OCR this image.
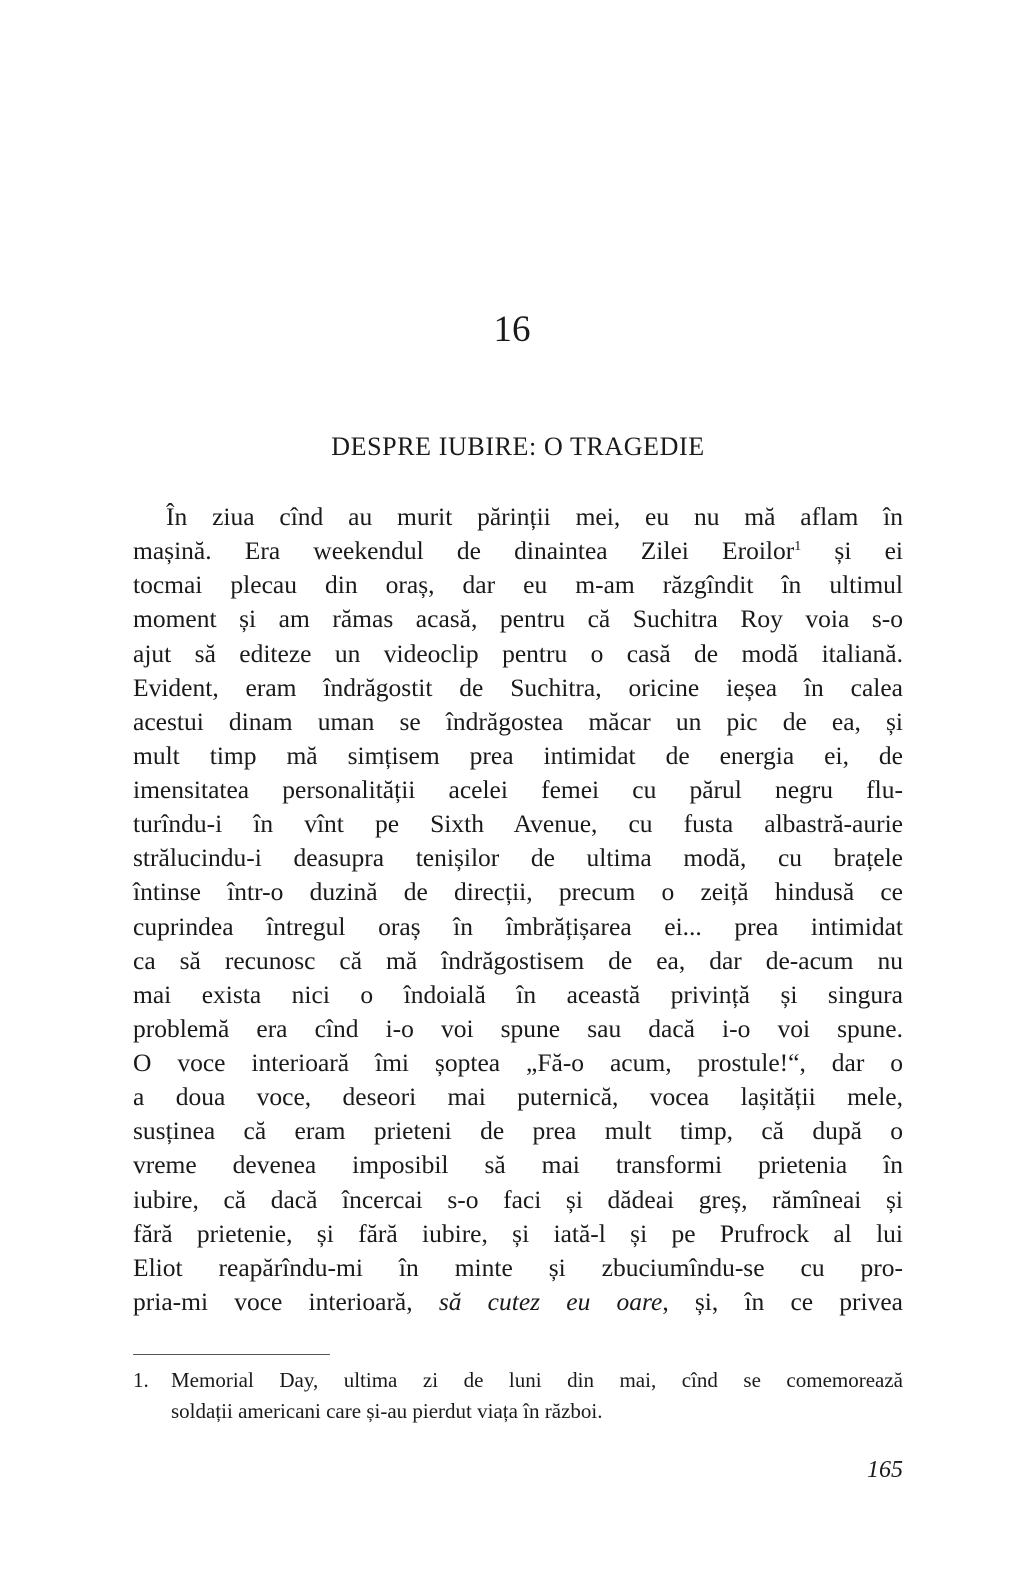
16
DESPRE IUBIRE: O TRAGEDIE
În ziua cînd au murit părinții mei, eu nu mă aflam în
mașină. Era weekendul de dinaintea Zilei Eroilor$^1$ și ei
tocmai plecau din oraș, dar eu m-am răzgîndit în ultimul
moment și am rămas acasă, pentru că Suchitra Roy voia s-o
ajut să editeze un videoclip pentru o casă de modă italiană.
Evident, eram îndrăgostit de Suchitra, oricine ieșea în calea
acestui dinam uman se îndrăgostea măcar un pic de ea, și
mult timp mă simțisem prea intimidat de energia ei, de
imensitatea personalității acelei femei cu părul negru flu-
turîndu-i în vînt pe Sixth Avenue, cu fusta albastră-aurie
strălucindu-i deasupra tenișilor de ultima modă, cu brațele
întinse într-o duzină de direcții, precum o zeiță hindusă ce
cuprindea întregul oraș în îmbrățișarea ei... prea intimidat
ca să recunosc că mă îndrăgostisem de ea, dar de-acum nu
mai exista nici o îndoială în această privință și singura
problemă era cînd i-o voi spune sau dacă i-o voi spune.
O voce interioară îmi șoptea „Fă-o acum, prostule!“, dar o
a doua voce, deseori mai puternică, vocea lașității mele,
susținea că eram prieteni de prea mult timp, că după o
vreme devenea imposibil să mai transformi prietenia în
iubire, că dacă încercai s-o faci și dădeai greș, rămîneai și
fără prietenie, și fără iubire, și iată-l și pe Prufrock al lui
Eliot reapărîndu-mi în minte și zbuciumîndu-se cu pro-
pria-mi voce interioară, să cutez eu oare, și, în ce privea
1. Memorial Day, ultima zi de luni din mai, cînd se comemorează
soldații americani care și-au pierdut viața în război.
165
